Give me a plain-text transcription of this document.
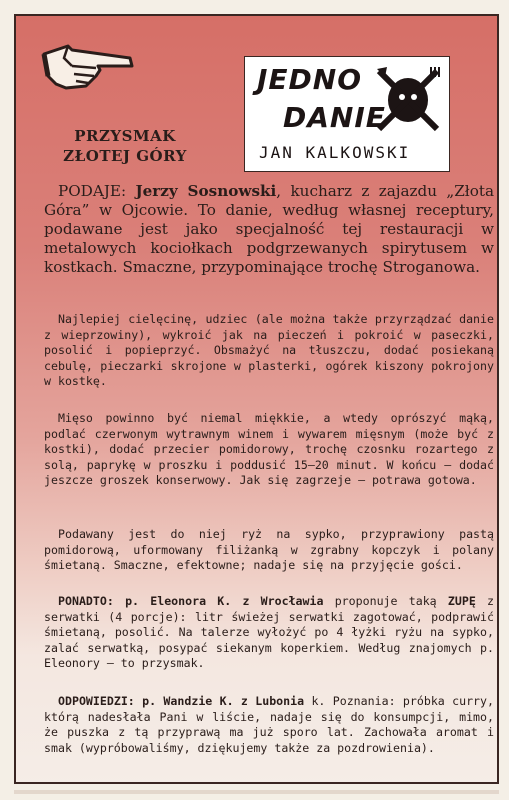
PRZYSMAK
ZŁOTEJ GÓRY
JEDNO
DANIE
JAN KALKOWSKI
PODAJE: Jerzy Sosnowski, kucharz z zajazdu „Złota Góra” w Ojcowie. To danie, według własnej receptury, podawane jest jako specjalność tej restauracji w metalowych kociołkach podgrzewanych spirytusem w kostkach. Smaczne, przypominające trochę Stroganowa.
Najlepiej cielęcinę, udziec (ale można także przyrządzać danie z wieprzowiny), wykroić jak na pieczeń i pokroić w paseczki, posolić i popieprzyć. Obsmażyć na tłuszczu, dodać posiekaną cebulę, pieczarki skrojone w plasterki, ogórek kiszony pokrojony w kostkę.
Mięso powinno być niemal miękkie, a wtedy oprószyć mąką, podlać czerwonym wytrawnym winem i wywarem mięsnym (może być z kostki), dodać przecier pomidorowy, trochę czosnku rozartego z solą, paprykę w proszku i poddusić 15—20 minut. W końcu — dodać jeszcze groszek konserwowy. Jak się zagrzeje — potrawa gotowa.
Podawany jest do niej ryż na sypko, przyprawiony pastą pomidorową, uformowany filiżanką w zgrabny kopczyk i polany śmietaną. Smaczne, efektowne; nadaje się na przyjęcie gości.
PONADTO: p. Eleonora K. z Wrocławia proponuje taką ZUPĘ z serwatki (4 porcje): litr świeżej serwatki zagotować, podprawić śmietaną, posolić. Na talerze wyłożyć po 4 łyżki ryżu na sypko, zalać serwatką, posypać siekanym koperkiem. Według znajomych p. Eleonory — to przysmak.
ODPOWIEDZI: p. Wandzie K. z Lubonia k. Poznania: próbka curry, którą nadesłała Pani w liście, nadaje się do konsumpcji, mimo, że puszka z tą przyprawą ma już sporo lat. Zachowała aromat i smak (wypróbowaliśmy, dziękujemy także za pozdrowienia).
